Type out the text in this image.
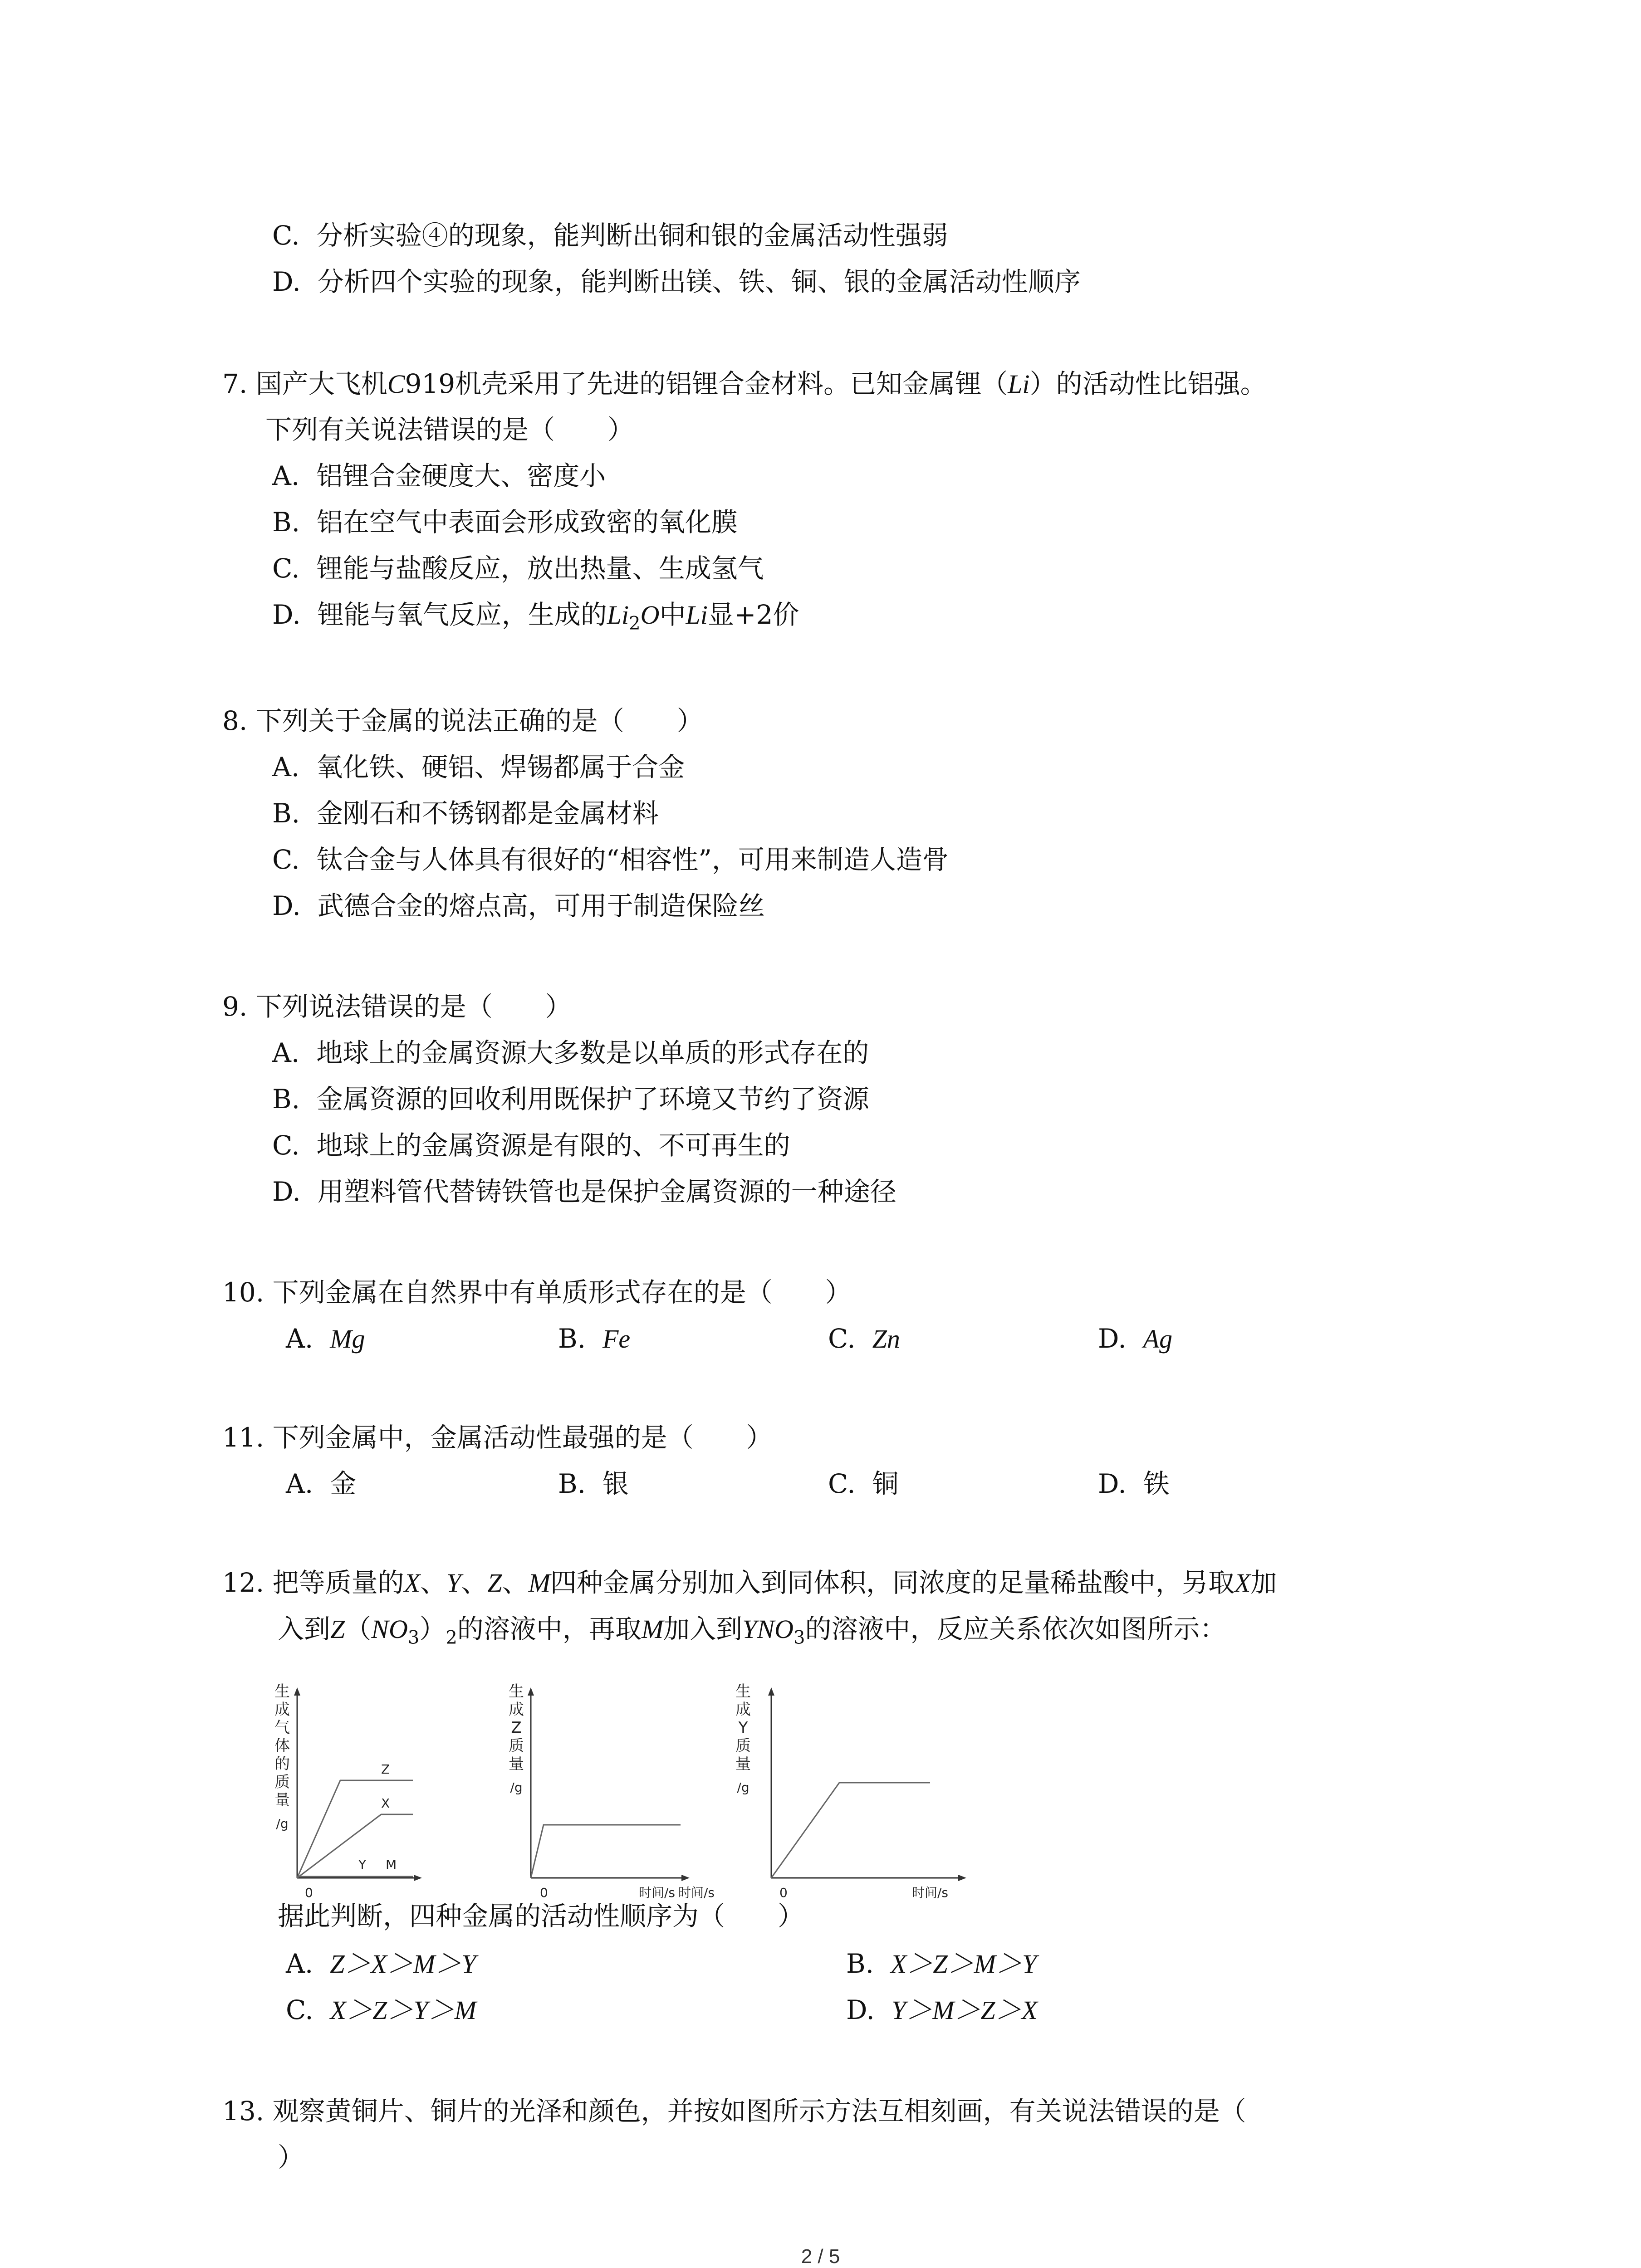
C.  分析实验④的现象，能判断出铜和银的金属活动性强弱
D.  分析四个实验的现象，能判断出镁、铁、铜、银的金属活动性顺序
7. 国产大飞机C919机壳采用了先进的铝锂合金材料。已知金属锂（Li）的活动性比铝强。
下列有关说法错误的是（　　）
A.  铝锂合金硬度大、密度小
B.  铝在空气中表面会形成致密的氧化膜
C.  锂能与盐酸反应，放出热量、生成氢气
D.  锂能与氧气反应，生成的$Li_2O$中Li显+2价
8. 下列关于金属的说法正确的是（　　）
A.  氧化铁、硬铝、焊锡都属于合金
B.  金刚石和不锈钢都是金属材料
C.  钛合金与人体具有很好的“相容性”，可用来制造人造骨
D.  武德合金的熔点高，可用于制造保险丝
9. 下列说法错误的是（　　）
A.  地球上的金属资源大多数是以单质的形式存在的
B.  金属资源的回收利用既保护了环境又节约了资源
C.  地球上的金属资源是有限的、不可再生的
D.  用塑料管代替铸铁管也是保护金属资源的一种途径
10. 下列金属在自然界中有单质形式存在的是（　　）
A. Mg	B. Fe	C. Zn	D. Ag
11. 下列金属中，金属活动性最强的是（　　）
A.  金	B.  银	C.  铜	D.  铁
12. 把等质量的X、Y、Z、M四种金属分别加入到同体积，同浓度的足量稀盐酸中，另取X加
入到$Z(NO_3)_2$的溶液中，再取M加入到$YNO_3$的溶液中，反应关系依次如图所示：
生
成
气
体
的
质
量
/g
0
Z
X
Y M
生
成
Z
质
量
/g
0	时间/s 时间/s
生
成
Y
质
量
/g
0	时间/s
据此判断，四种金属的活动性顺序为（　　）
A. Z＞X＞M＞Y	B. X＞Z＞M＞Y
C. X＞Z＞Y＞M	D. Y＞M＞Z＞X
13. 观察黄铜片、铜片的光泽和颜色，并按如图所示方法互相刻画，有关说法错误的是（
）
2 / 5
